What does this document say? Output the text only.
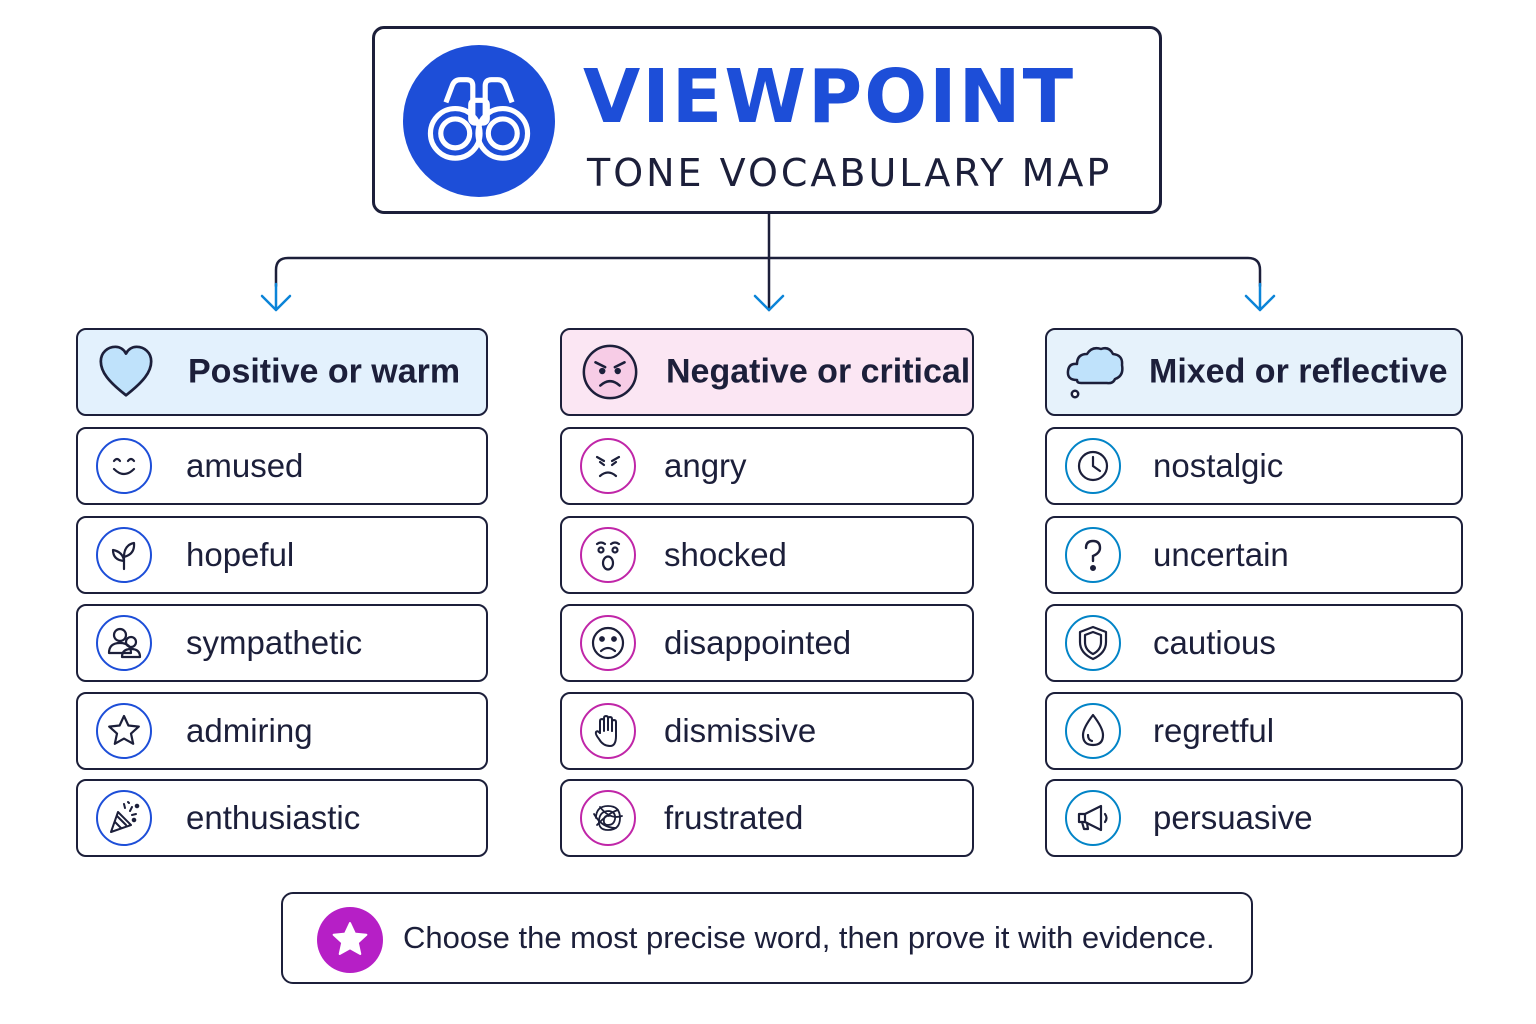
VIEWPOINT
TONE VOCABULARY MAP
Positive or warm
amused
hopeful
sympathetic
admiring
enthusiastic
Negative or critical
angry
shocked
disappointed
dismissive
frustrated
Mixed or reflective
nostalgic
uncertain
cautious
regretful
persuasive
Choose the most precise word, then prove it with evidence.
